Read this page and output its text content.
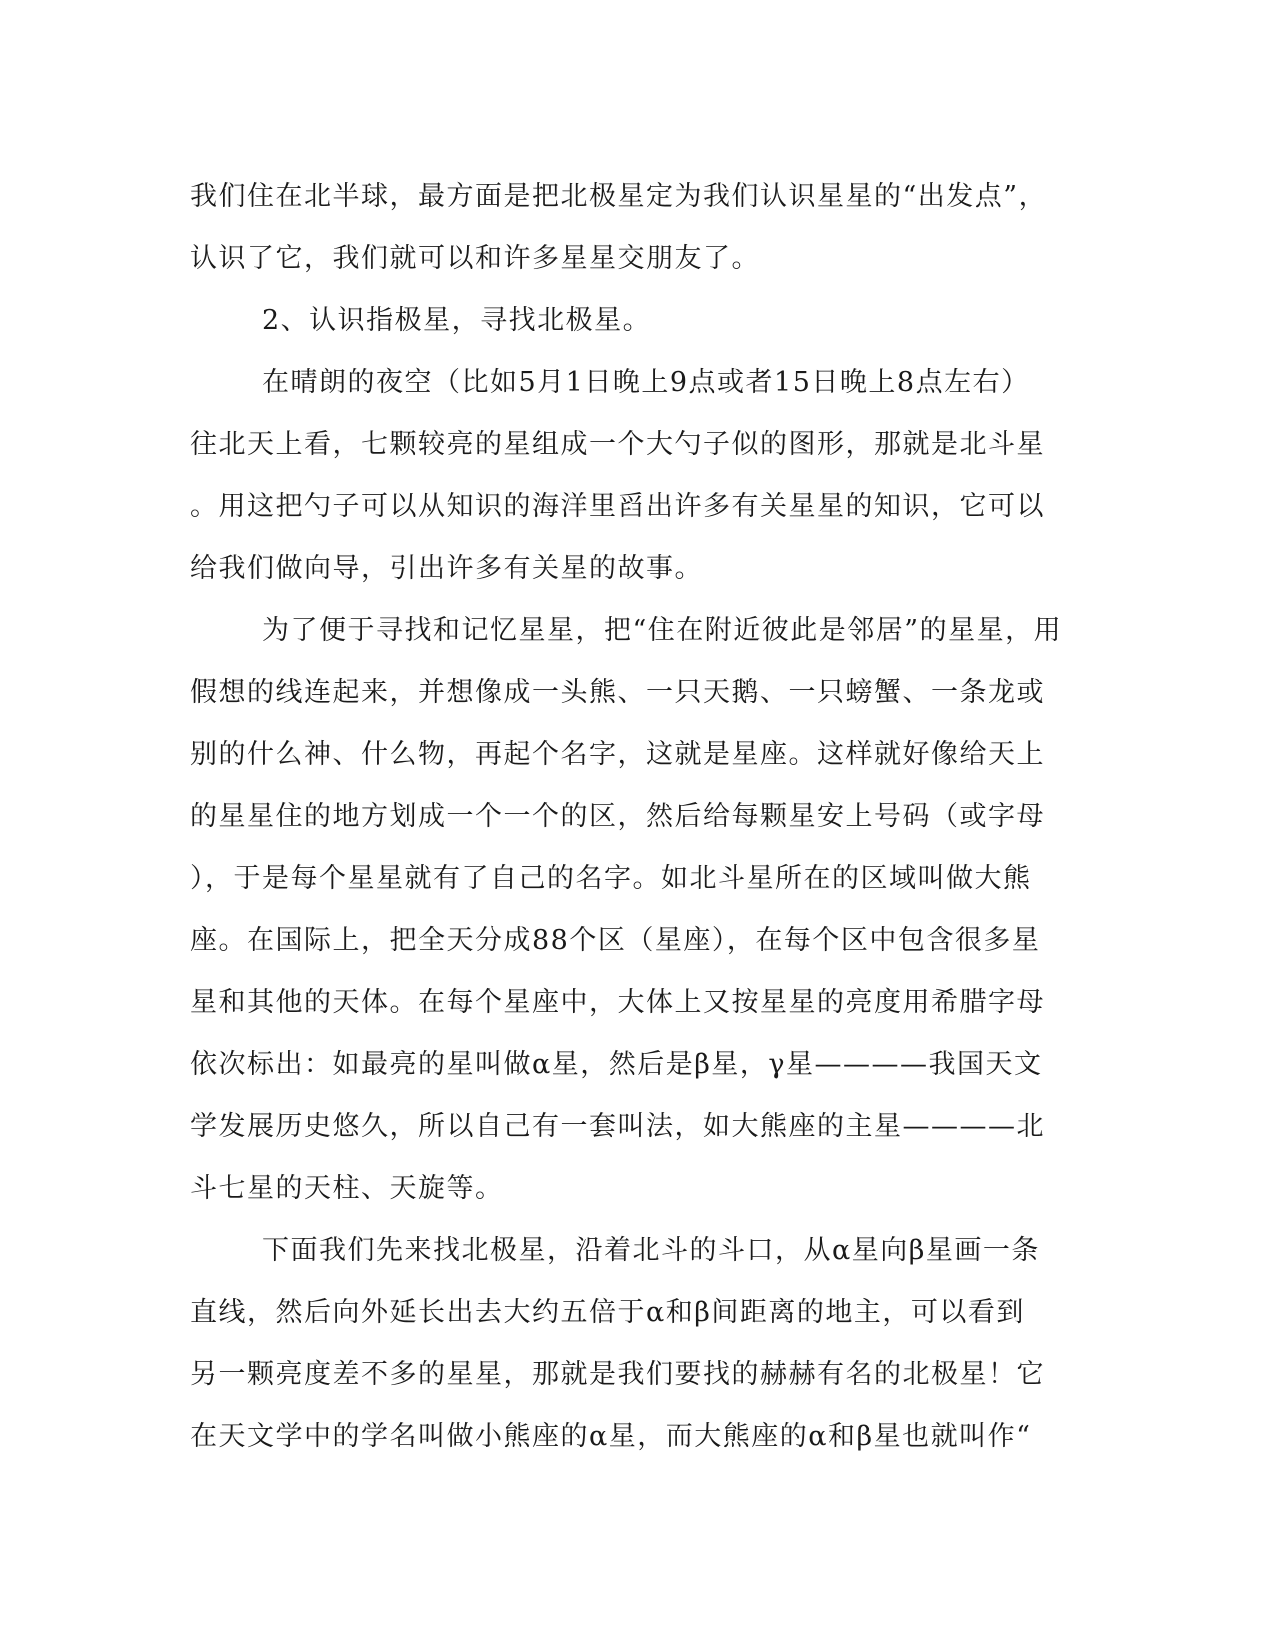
我们住在北半球，最方面是把北极星定为我们认识星星的“出发点”，
认识了它，我们就可以和许多星星交朋友了。
2、认识指极星，寻找北极星。
在晴朗的夜空（比如5月1日晚上9点或者15日晚上8点左右）
往北天上看，七颗较亮的星组成一个大勺子似的图形，那就是北斗星
。用这把勺子可以从知识的海洋里舀出许多有关星星的知识，它可以
给我们做向导，引出许多有关星的故事。
为了便于寻找和记忆星星，把“住在附近彼此是邻居”的星星，用
假想的线连起来，并想像成一头熊、一只天鹅、一只螃蟹、一条龙或
别的什么神、什么物，再起个名字，这就是星座。这样就好像给天上
的星星住的地方划成一个一个的区，然后给每颗星安上号码（或字母
），于是每个星星就有了自己的名字。如北斗星所在的区域叫做大熊
座。在国际上，把全天分成88个区（星座），在每个区中包含很多星
星和其他的天体。在每个星座中，大体上又按星星的亮度用希腊字母
依次标出：如最亮的星叫做α星，然后是β星，γ星————我国天文
学发展历史悠久，所以自己有一套叫法，如大熊座的主星————北
斗七星的天柱、天旋等。
下面我们先来找北极星，沿着北斗的斗口，从α星向β星画一条
直线，然后向外延长出去大约五倍于α和β间距离的地主，可以看到
另一颗亮度差不多的星星，那就是我们要找的赫赫有名的北极星！它
在天文学中的学名叫做小熊座的α星，而大熊座的α和β星也就叫作“
